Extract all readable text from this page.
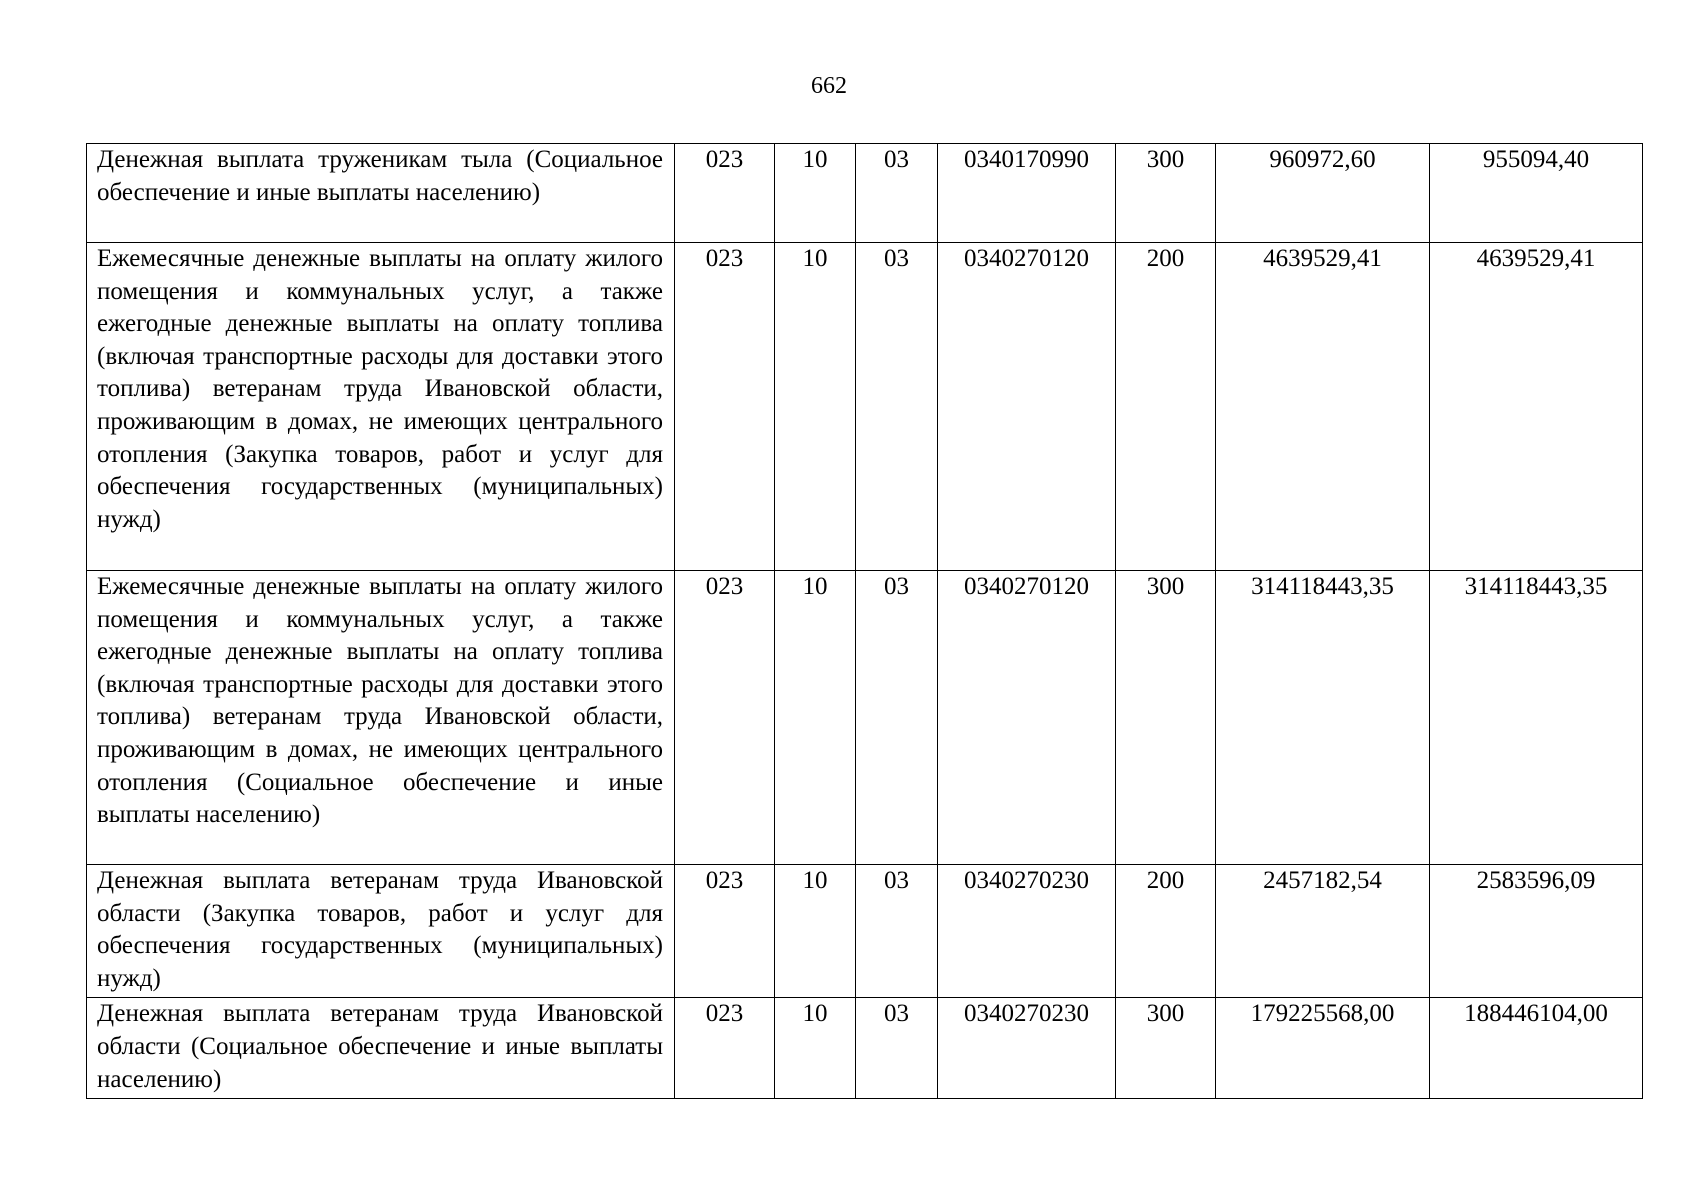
662
Денежная выплата труженикам тыла (Социальное обеспечение и иные выплаты населению)	023	10	03	0340170990	300	960972,60	955094,40
Ежемесячные денежные выплаты на оплату жилого помещения и коммунальных услуг, а также ежегодные денежные выплаты на оплату топлива (включая транспортные расходы для доставки этого топлива) ветеранам труда Ивановской области, проживающим в домах, не имеющих центрального отопления (Закупка товаров, работ и услуг для обеспечения государственных (муниципальных) нужд)	023	10	03	0340270120	200	4639529,41	4639529,41
Ежемесячные денежные выплаты на оплату жилого помещения и коммунальных услуг, а также ежегодные денежные выплаты на оплату топлива (включая транспортные расходы для доставки этого топлива) ветеранам труда Ивановской области, проживающим в домах, не имеющих центрального отопления (Социальное обеспечение и иные выплаты населению)	023	10	03	0340270120	300	314118443,35	314118443,35
Денежная выплата ветеранам труда Ивановской области (Закупка товаров, работ и услуг для обеспечения государственных (муниципальных) нужд)	023	10	03	0340270230	200	2457182,54	2583596,09
Денежная выплата ветеранам труда Ивановской области (Социальное обеспечение и иные выплаты населению)	023	10	03	0340270230	300	179225568,00	188446104,00
